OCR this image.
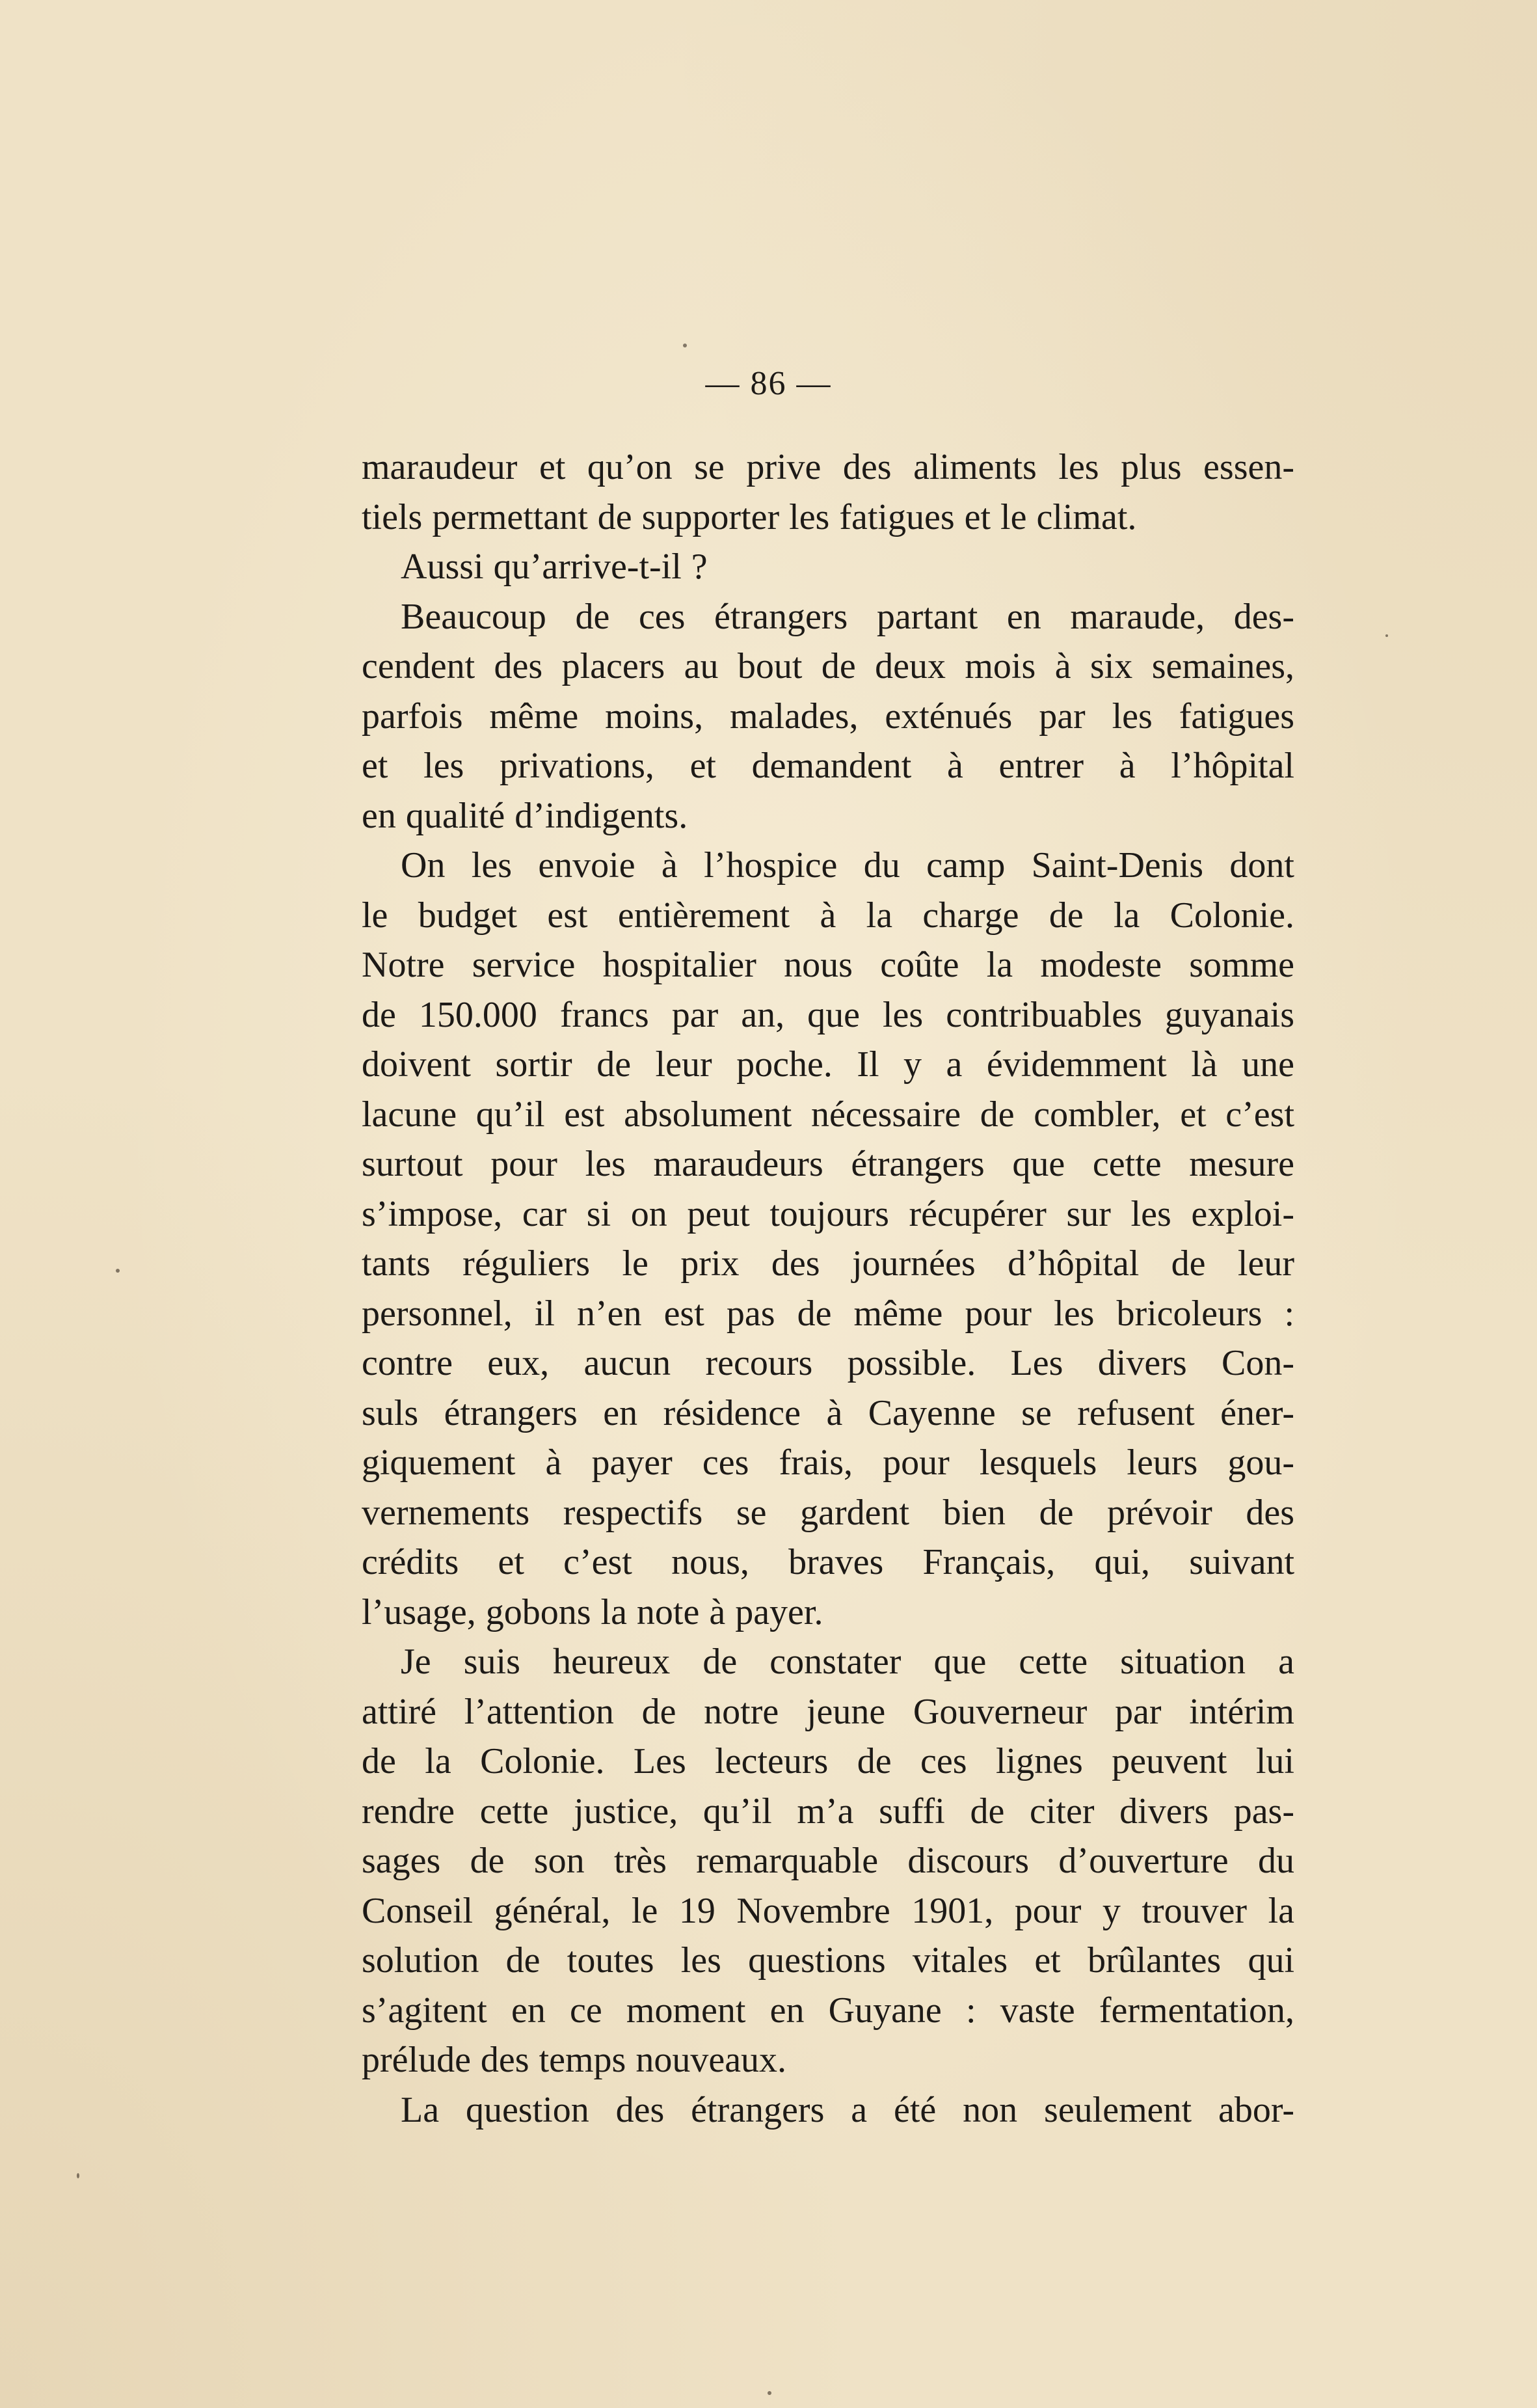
— 86 —
maraudeur et qu’on se prive des aliments les plus essen-
tiels permettant de supporter les fatigues et le climat.
Aussi qu’arrive-t-il ?
Beaucoup de ces étrangers partant en maraude, des-
cendent des placers au bout de deux mois à six semaines,
parfois même moins, malades, exténués par les fatigues
et les privations, et demandent à entrer à l’hôpital
en qualité d’indigents.
On les envoie à l’hospice du camp Saint-Denis dont
le budget est entièrement à la charge de la Colonie.
Notre service hospitalier nous coûte la modeste somme
de 150.000 francs par an, que les contribuables guyanais
doivent sortir de leur poche. Il y a évidemment là une
lacune qu’il est absolument nécessaire de combler, et c’est
surtout pour les maraudeurs étrangers que cette mesure
s’impose, car si on peut toujours récupérer sur les exploi-
tants réguliers le prix des journées d’hôpital de leur
personnel, il n’en est pas de même pour les bricoleurs :
contre eux, aucun recours possible. Les divers Con-
suls étrangers en résidence à Cayenne se refusent éner-
giquement à payer ces frais, pour lesquels leurs gou-
vernements respectifs se gardent bien de prévoir des
crédits et c’est nous, braves Français, qui, suivant
l’usage, gobons la note à payer.
Je suis heureux de constater que cette situation a
attiré l’attention de notre jeune Gouverneur par intérim
de la Colonie. Les lecteurs de ces lignes peuvent lui
rendre cette justice, qu’il m’a suffi de citer divers pas-
sages de son très remarquable discours d’ouverture du
Conseil général, le 19 Novembre 1901, pour y trouver la
solution de toutes les questions vitales et brûlantes qui
s’agitent en ce moment en Guyane : vaste fermentation,
prélude des temps nouveaux.
La question des étrangers a été non seulement abor-
